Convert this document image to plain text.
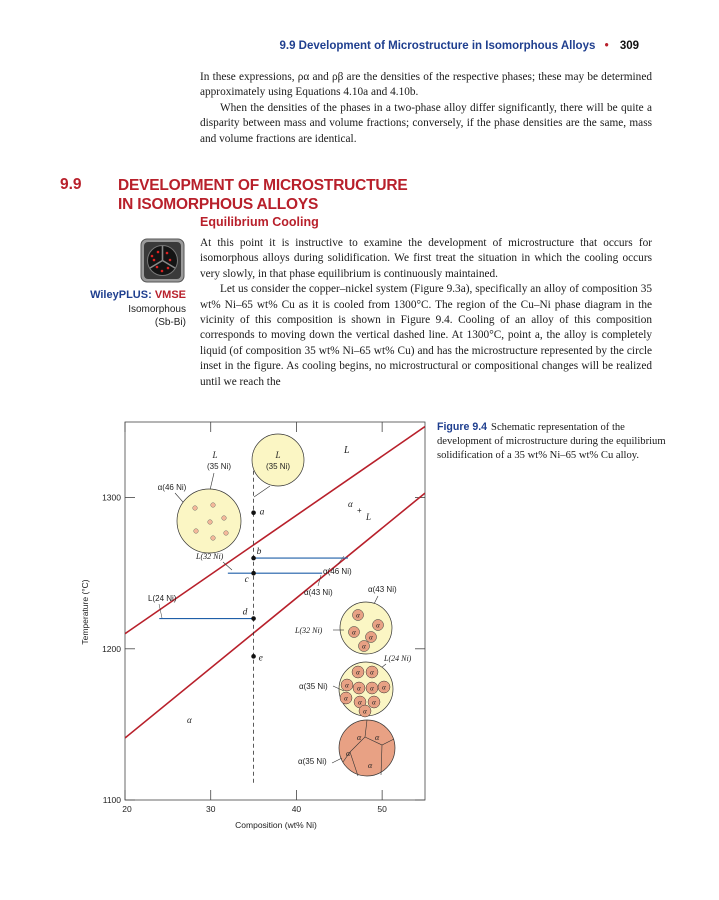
9.9 Development of Microstructure in Isomorphous Alloys • 309

In these expressions, ρα and ρβ are the densities of the respective phases; these may be determined approximately using Equations 4.10a and 4.10b.

When the densities of the phases in a two-phase alloy differ significantly, there will be quite a disparity between mass and volume fractions; conversely, if the phase densities are the same, mass and volume fractions are identical.

9.9 DEVELOPMENT OF MICROSTRUCTURE
IN ISOMORPHOUS ALLOYS
Equilibrium Cooling
WileyPLUS: VMSE
Isomorphous
(Sb-Bi)

At this point it is instructive to examine the development of microstructure that occurs for isomorphous alloys during solidification. We first treat the situation in which the cooling occurs very slowly, in that phase equilibrium is continuously maintained.

Let us consider the copper–nickel system (Figure 9.3a), specifically an alloy of composition 35 wt% Ni–65 wt% Cu as it is cooled from 1300°C. The region of the Cu–Ni phase diagram in the vicinity of this composition is shown in Figure 9.4. Cooling of an alloy of this composition corresponds to moving down the vertical dashed line. At 1300°C, point a, the alloy is completely liquid (of composition 35 wt% Ni–65 wt% Cu) and has the microstructure represented by the circle inset in the figure. As cooling begins, no microstructural or compositional changes will be realized until we reach the

20	30	40	50
1100
1200
1300
a
b
c
d
e
L
α
+
L
α
L
(35 Ni)
L
(35 Ni)
α(46 Ni)
L(32 Ni)
α(46 Ni)
α(43 Ni)
L(24 Ni)
α(43 Ni)
α
α
α
α
α
L(32 Ni)
L(24 Ni)
α α
α α α α
α α α
α
α(35 Ni)
α α
α
α
α(35 Ni)
Composition (wt% Ni)
Temperature (°C)
Figure 9.4 Schematic representation of the development of microstructure during the equilibrium solidification of a 35 wt% Ni–65 wt% Cu alloy.
